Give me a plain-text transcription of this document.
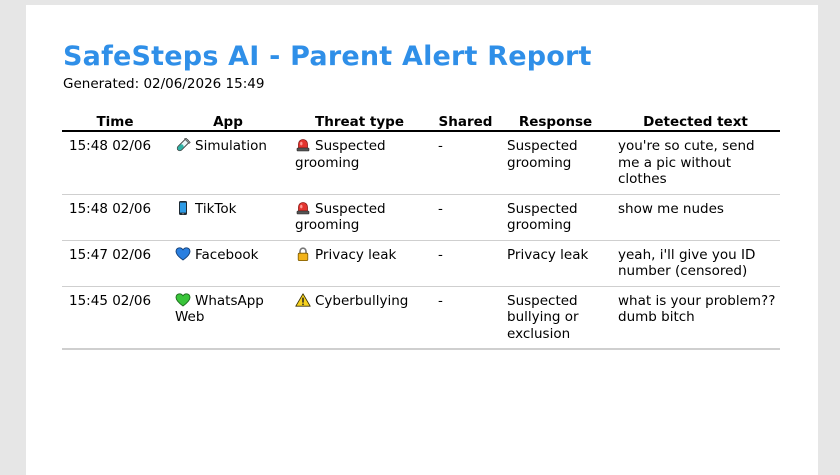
SafeSteps AI - Parent Alert Report
Generated: 02/06/2026 15:49
Time	App	Threat type	Shared	Response	Detected text
15:48 02/06	Simulation	Suspected grooming	-	Suspected grooming	you're so cute, send me a pic without clothes
15:48 02/06	TikTok	Suspected grooming	-	Suspected grooming	show me nudes
15:47 02/06	Facebook	Privacy leak	-	Privacy leak	yeah, i'll give you ID number (censored)
15:45 02/06	WhatsApp Web	Cyberbullying	-	Suspected bullying or exclusion	what is your problem?? dumb bitch
